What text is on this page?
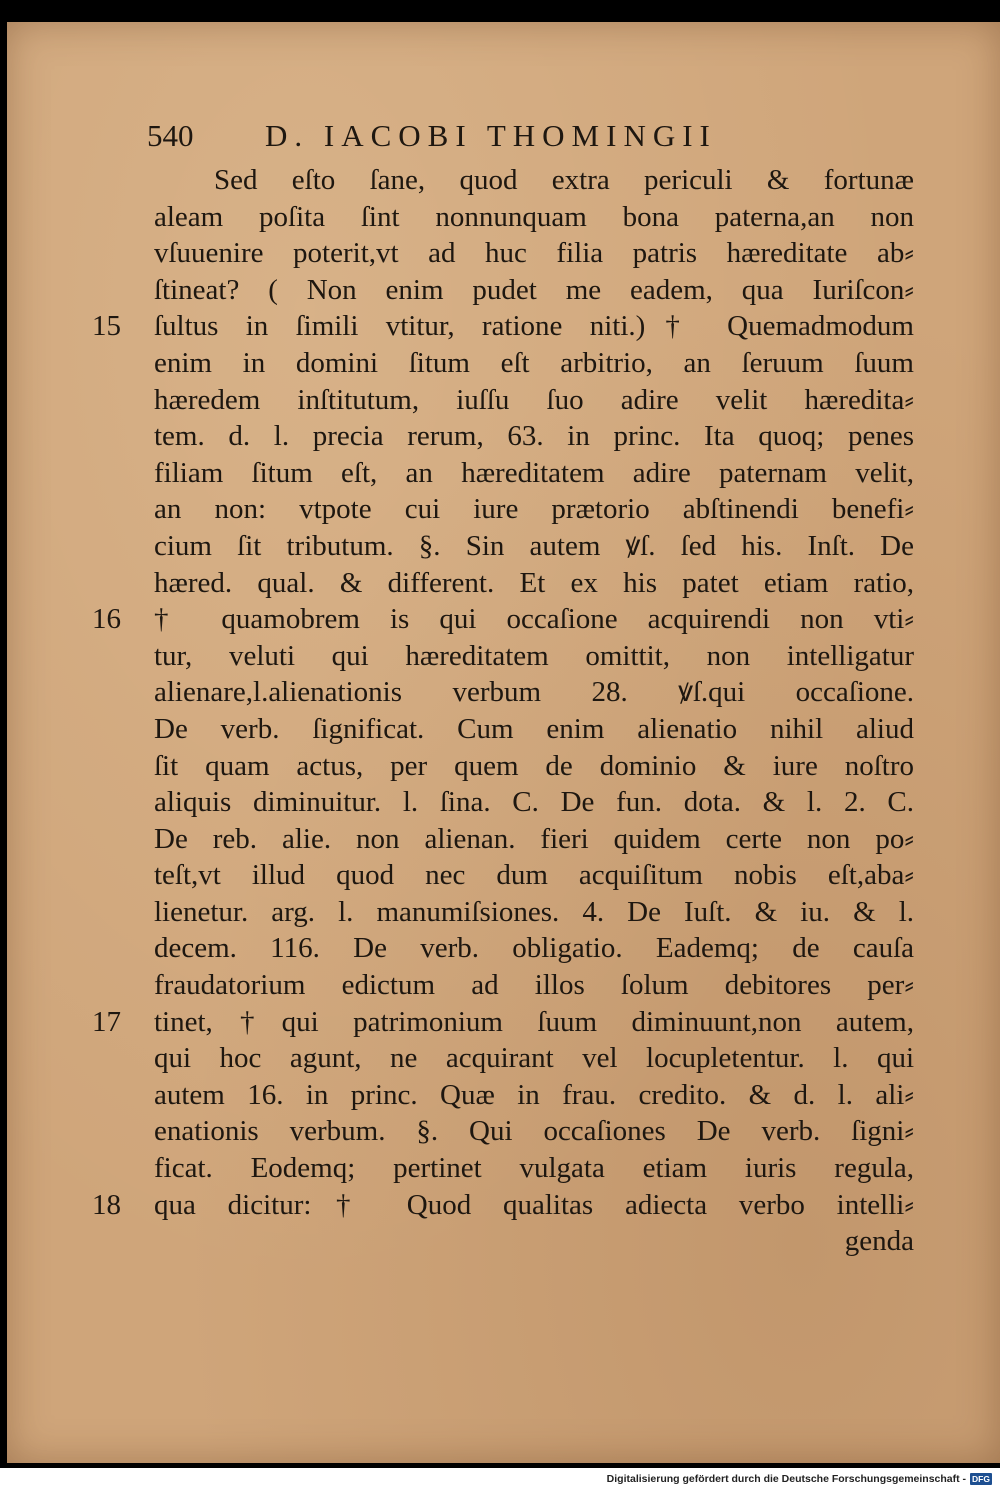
540 D. IACOBI THOMINGII
Sed eſto ſane, quod extra periculi & fortunæ
aleam poſita ſint nonnunquam bona paterna,an non
vſuuenire poterit,vt ad huc filia patris hæreditate ab⸗
ſtineat? ( Non enim pudet me eadem, qua Iuriſcon⸗
15	ſultus in ſimili vtitur, ratione niti.)† Quemadmodum
enim in domini ſitum eſt arbitrio, an ſeruum ſuum
hæredem inſtitutum, iuſſu ſuo adire velit hæredita⸗
tem. d. l. precia rerum, 63. in princ. Ita quoq; penes
filiam ſitum eſt, an hæreditatem adire paternam velit,
an non: vtpote cui iure prætorio abſtinendi benefi⸗
cium ſit tributum. §. Sin autem ꝟſ. ſed his. Inſt. De
hæred. qual. & different. Et ex his patet etiam ratio,
16	† quamobrem is qui occaſione acquirendi non vti⸗
tur, veluti qui hæreditatem omittit, non intelligatur
alienare,l.alienationis verbum 28. ꝟſ.qui occaſione.
De verb. ſignificat. Cum enim alienatio nihil aliud
ſit quam actus, per quem de dominio & iure noſtro
aliquis diminuitur. l. ſina. C. De fun. dota. & l. 2. C.
De reb. alie. non alienan. fieri quidem certe non po⸗
teſt,vt illud quod nec dum acquiſitum nobis eſt,aba⸗
lienetur. arg. l. manumiſsiones. 4. De Iuſt. & iu. & l.
decem. 116. De verb. obligatio. Eademq; de cauſa
fraudatorium edictum ad illos ſolum debitores per⸗
17	tinet,†qui patrimonium ſuum diminuunt,non autem,
qui hoc agunt, ne acquirant vel locupletentur. l. qui
autem 16. in princ. Quæ in frau. credito. & d. l. ali⸗
enationis verbum. §. Qui occaſiones De verb. ſigni⸗
ficat. Eodemq; pertinet vulgata etiam iuris regula,
18	qua dicitur:† Quod qualitas adiecta verbo intelli⸗
genda
Digitalisierung gefördert durch die Deutsche Forschungsgemeinschaft - DFG
